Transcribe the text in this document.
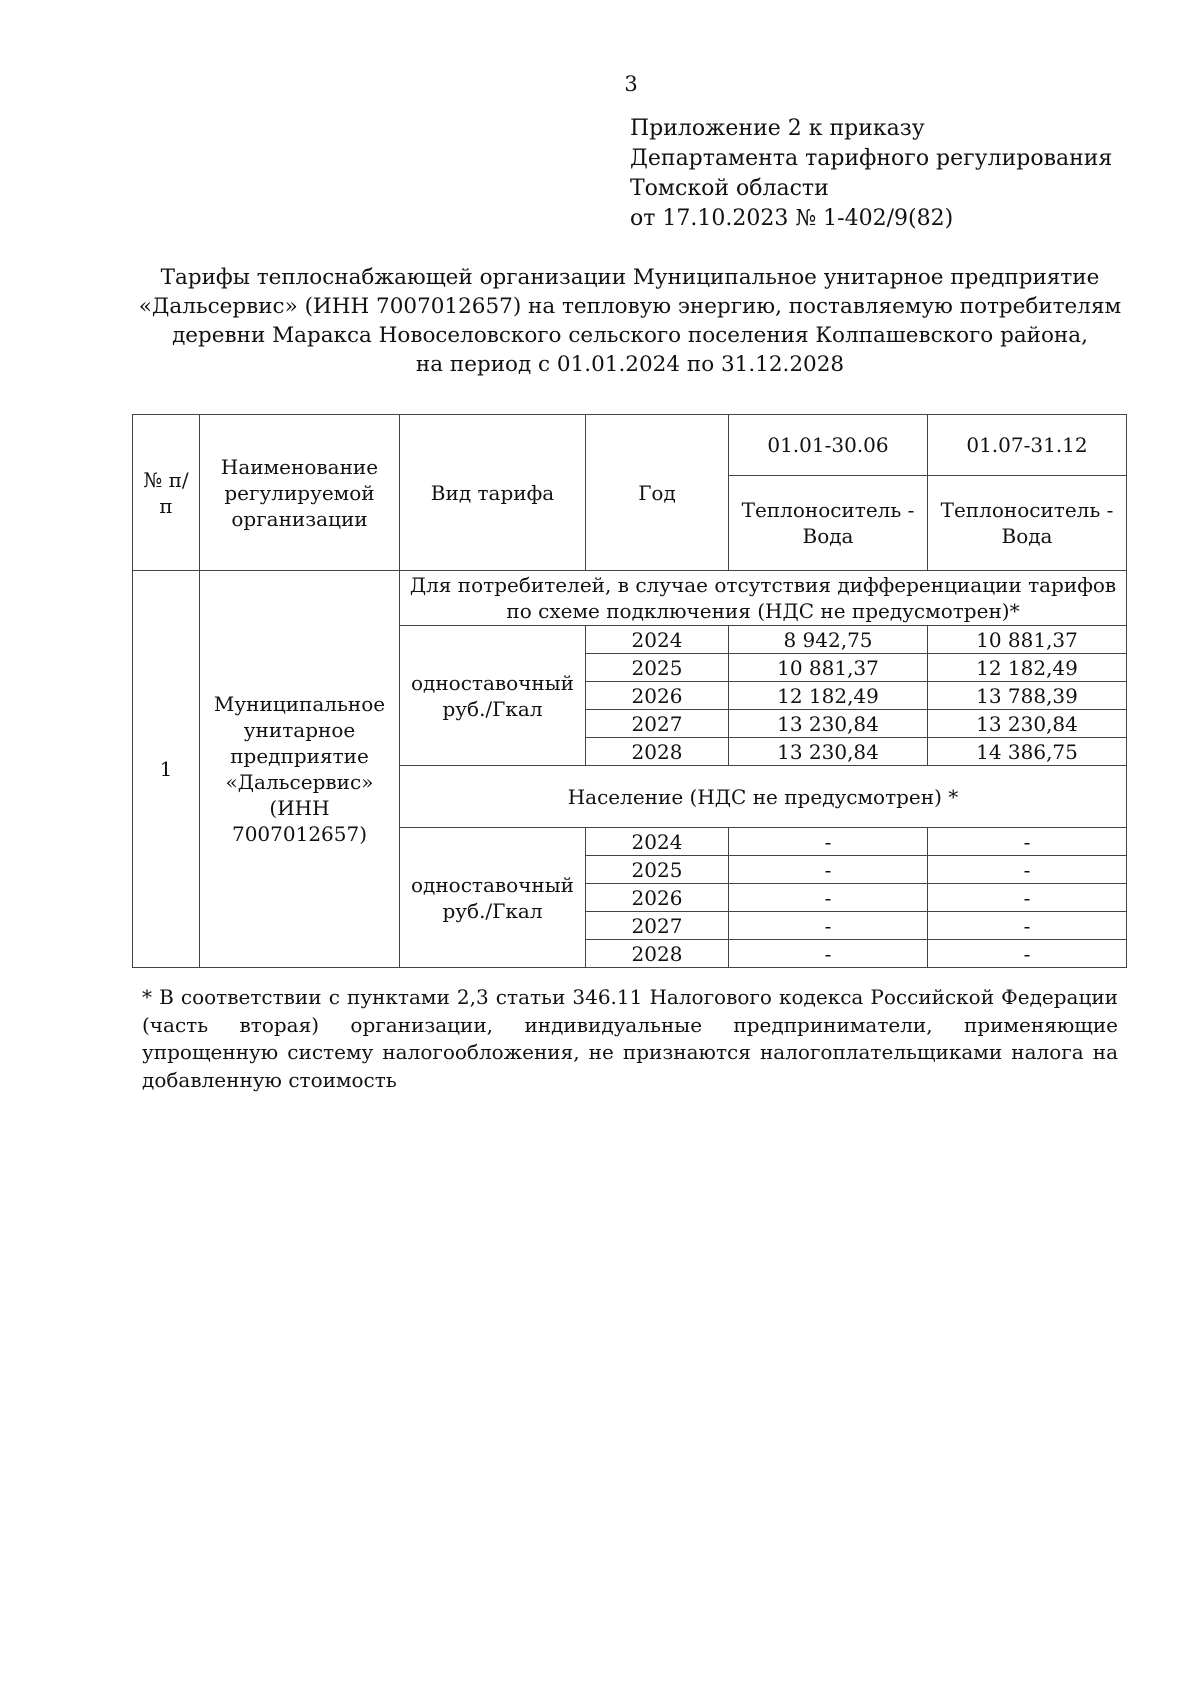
3
Приложение 2 к приказу
Департамента тарифного регулирования
Томской области
от 17.10.2023 № 1-402/9(82)
Тарифы теплоснабжающей организации Муниципальное унитарное предприятие
«Дальсервис» (ИНН 7007012657) на тепловую энергию, поставляемую потребителям
деревни Маракса Новоселовского сельского поселения Колпашевского района,
на период с 01.01.2024 по 31.12.2028
№ п/п	Наименование регулируемой организации	Вид тарифа	Год	01.01-30.06	01.07-31.12
				Теплоноситель - Вода	Теплоноситель - Вода
1	Муниципальное унитарное предприятие «Дальсервис» (ИНН 7007012657)	Для потребителей, в случае отсутствия дифференциации тарифов по схеме подключения (НДС не предусмотрен)*			
		одноставочный руб./Гкал	2024	8 942,75	10 881,37
			2025	10 881,37	12 182,49
			2026	12 182,49	13 788,39
			2027	13 230,84	13 230,84
			2028	13 230,84	14 386,75
		Население (НДС не предусмотрен) *			
		одноставочный руб./Гкал	2024	-	-
			2025	-	-
			2026	-	-
			2027	-	-
			2028	-	-
* В соответствии с пунктами 2,3 статьи 346.11 Налогового кодекса Российской Федерации (часть вторая) организации, индивидуальные предприниматели, применяющие упрощенную систему налогообложения, не признаются налогоплательщиками налога на добавленную стоимость
